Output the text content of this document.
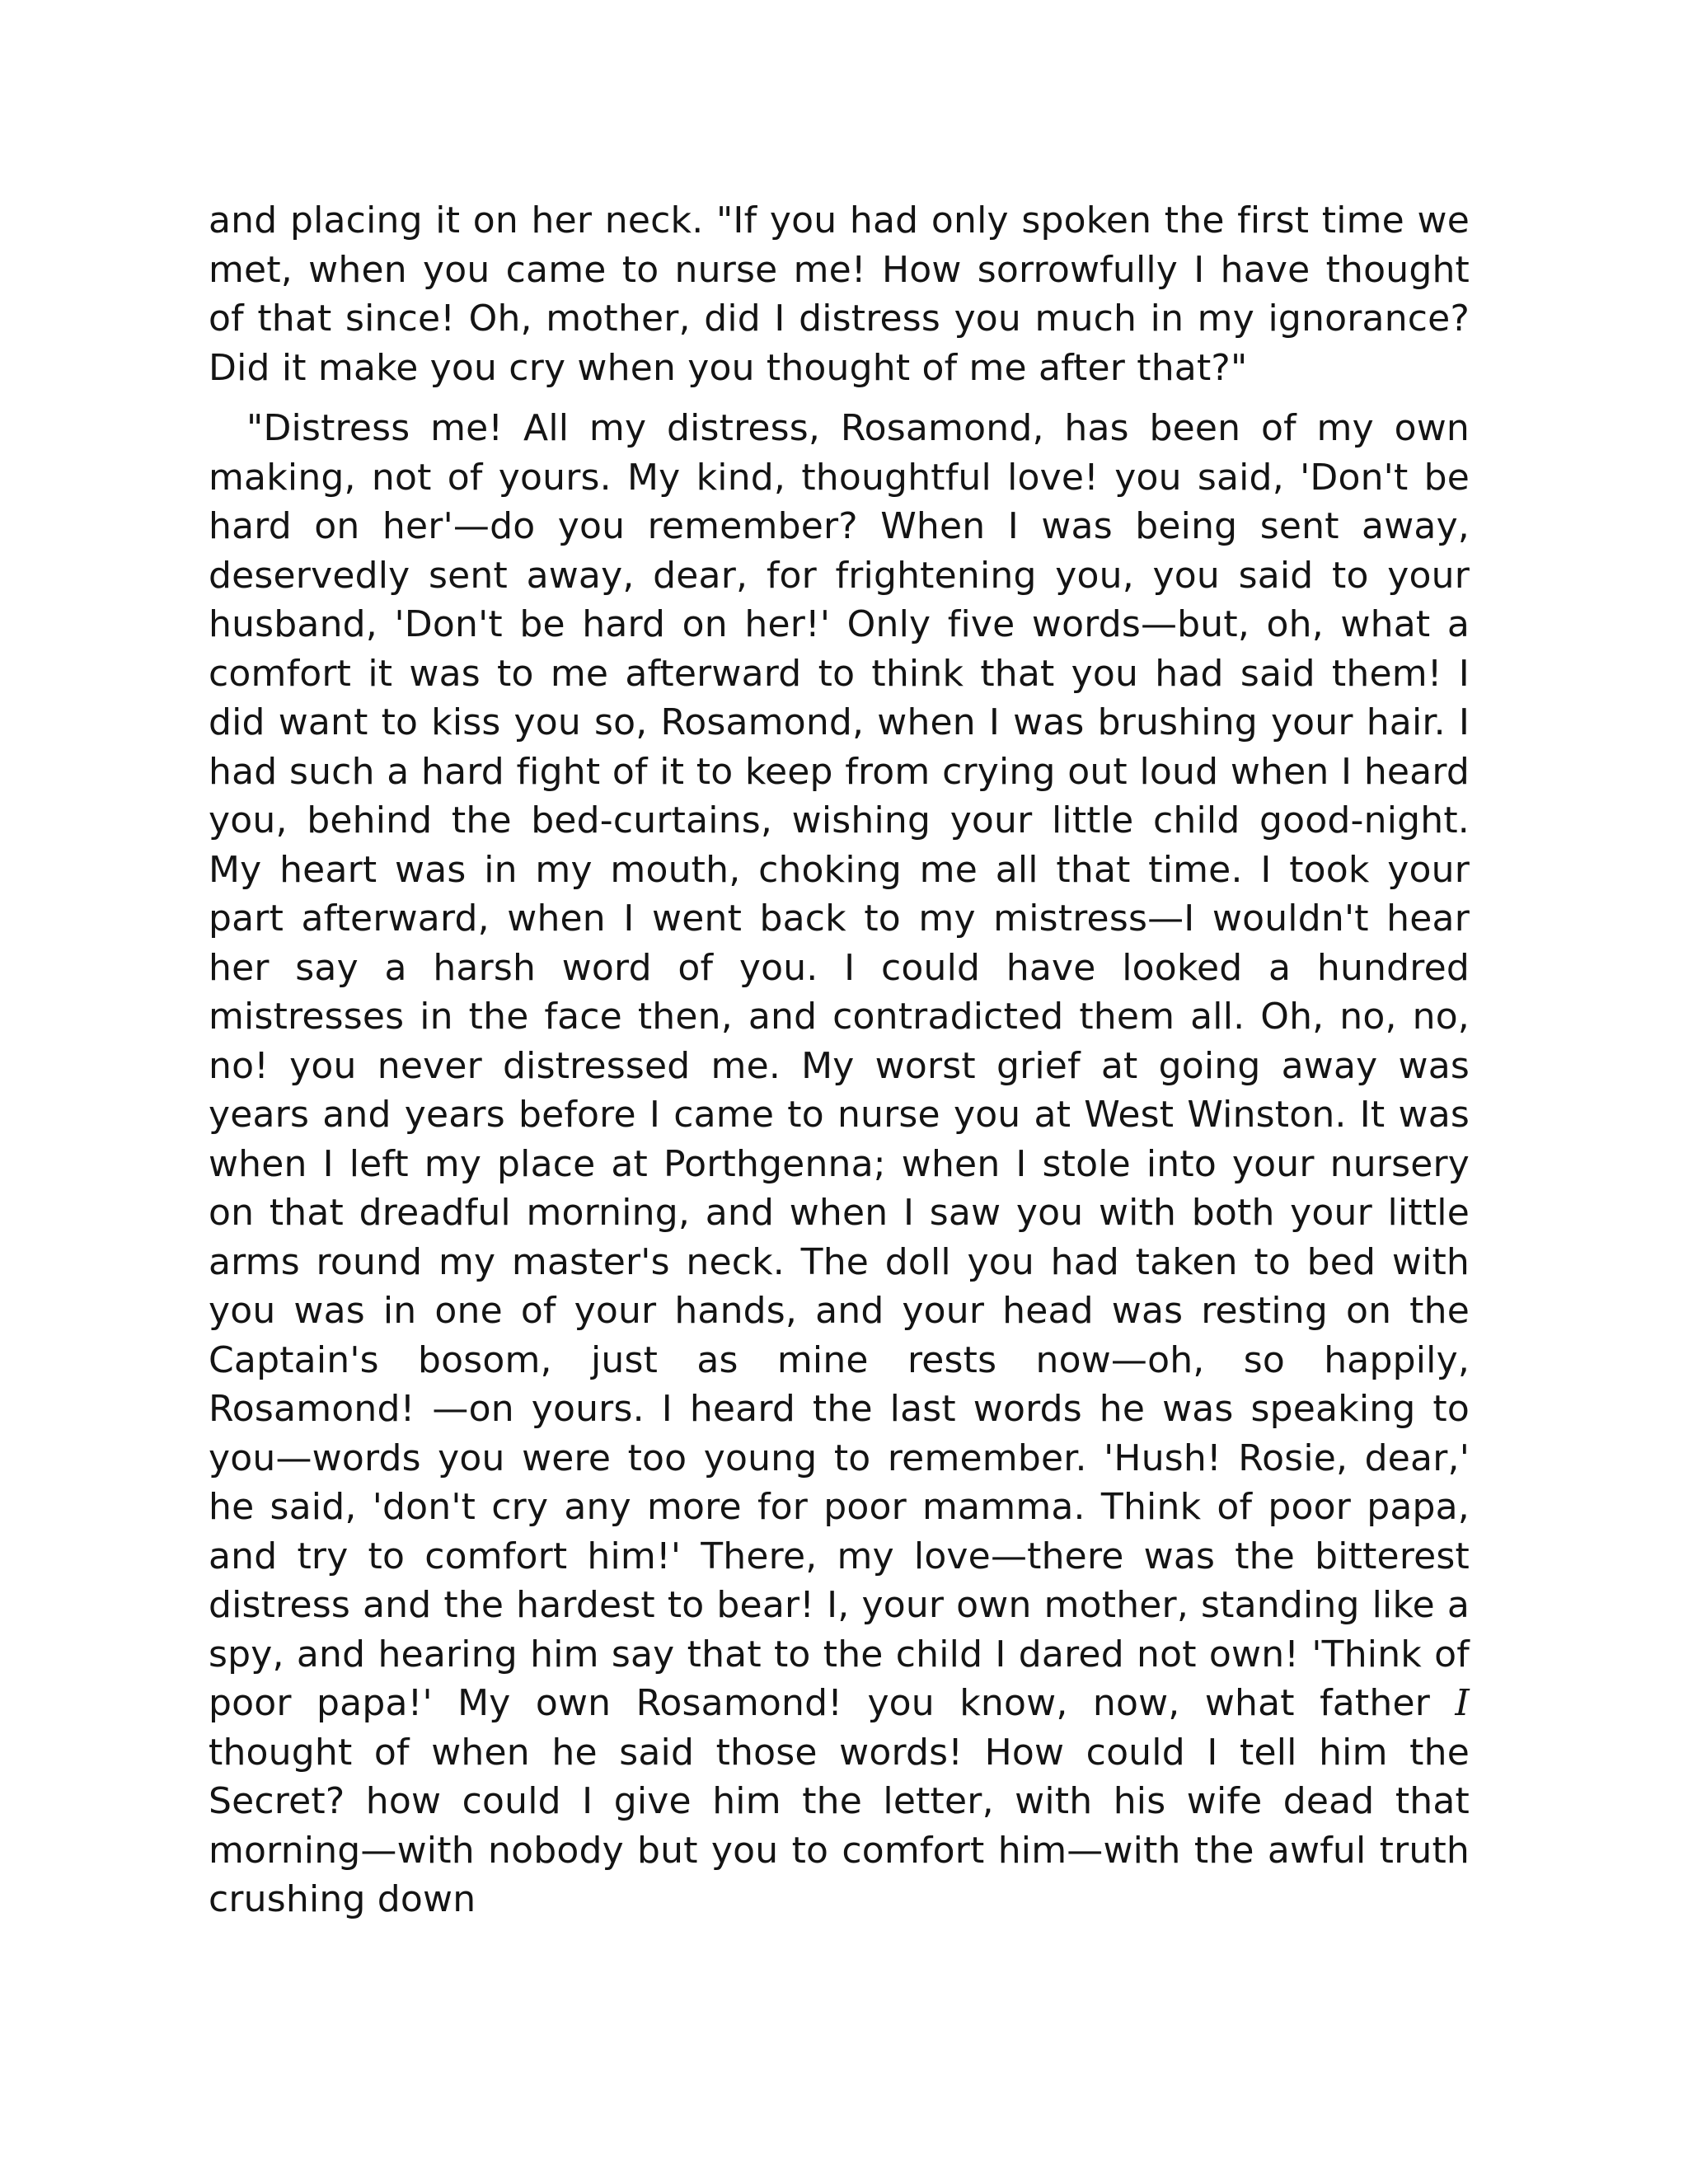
and placing it on her neck. "If you had only spoken the first time we met, when you came to nurse me! How sorrowfully I have thought of that since! Oh, mother, did I distress you much in my ignorance? Did it make you cry when you thought of me after that?"

"Distress me! All my distress, Rosamond, has been of my own making, not of yours. My kind, thoughtful love! you said, 'Don't be hard on her'—do you remember? When I was being sent away, deservedly sent away, dear, for frightening you, you said to your husband, 'Don't be hard on her!' Only five words—but, oh, what a comfort it was to me afterward to think that you had said them! I did want to kiss you so, Rosamond, when I was brushing your hair. I had such a hard fight of it to keep from crying out loud when I heard you, behind the bed-curtains, wishing your little child good-night. My heart was in my mouth, choking me all that time. I took your part afterward, when I went back to my mistress—I wouldn't hear her say a harsh word of you. I could have looked a hundred mistresses in the face then, and contradicted them all. Oh, no, no, no! you never distressed me. My worst grief at going away was years and years before I came to nurse you at West Winston. It was when I left my place at Porthgenna; when I stole into your nursery on that dreadful morning, and when I saw you with both your little arms round my master's neck. The doll you had taken to bed with you was in one of your hands, and your head was resting on the Captain's bosom, just as mine rests now—oh, so happily, Rosamond! —on yours. I heard the last words he was speaking to you—words you were too young to remember. 'Hush! Rosie, dear,' he said, 'don't cry any more for poor mamma. Think of poor papa, and try to comfort him!' There, my love—there was the bitterest distress and the hardest to bear! I, your own mother, standing like a spy, and hearing him say that to the child I dared not own! 'Think of poor papa!' My own Rosamond! you know, now, what father I thought of when he said those words! How could I tell him the Secret? how could I give him the letter, with his wife dead that morning—with nobody but you to comfort him—with the awful truth crushing down
